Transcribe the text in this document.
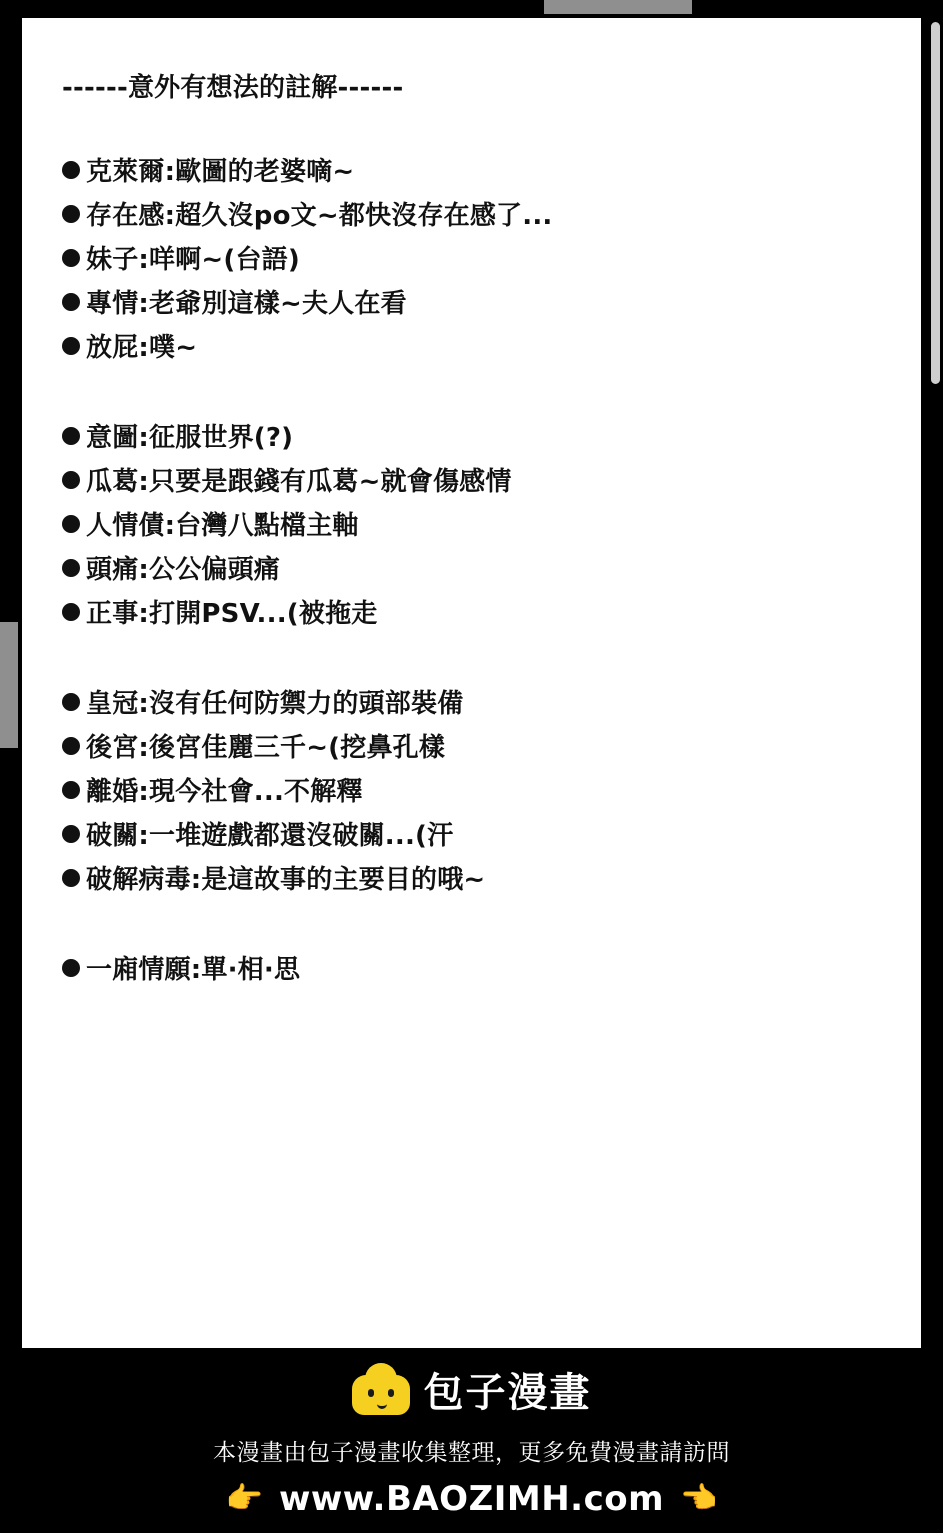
------意外有想法的註解------
克萊爾:歐圖的老婆嘀~
存在感:超久沒po文~都快沒存在感了...
妹子:咩啊~(台語)
專情:老爺別這樣~夫人在看
放屁:噗~
意圖:征服世界(?)
瓜葛:只要是跟錢有瓜葛~就會傷感情
人情債:台灣八點檔主軸
頭痛:公公偏頭痛
正事:打開PSV...(被拖走
皇冠:沒有任何防禦力的頭部裝備
後宮:後宮佳麗三千~(挖鼻孔樣
離婚:現今社會...不解釋
破關:一堆遊戲都還沒破關...(汗
破解病毒:是這故事的主要目的哦~
一廂情願:單·相·思
包子漫畫
本漫畫由包子漫畫收集整理，更多免費漫畫請訪問
👉 www.BAOZIMH.com 👈
